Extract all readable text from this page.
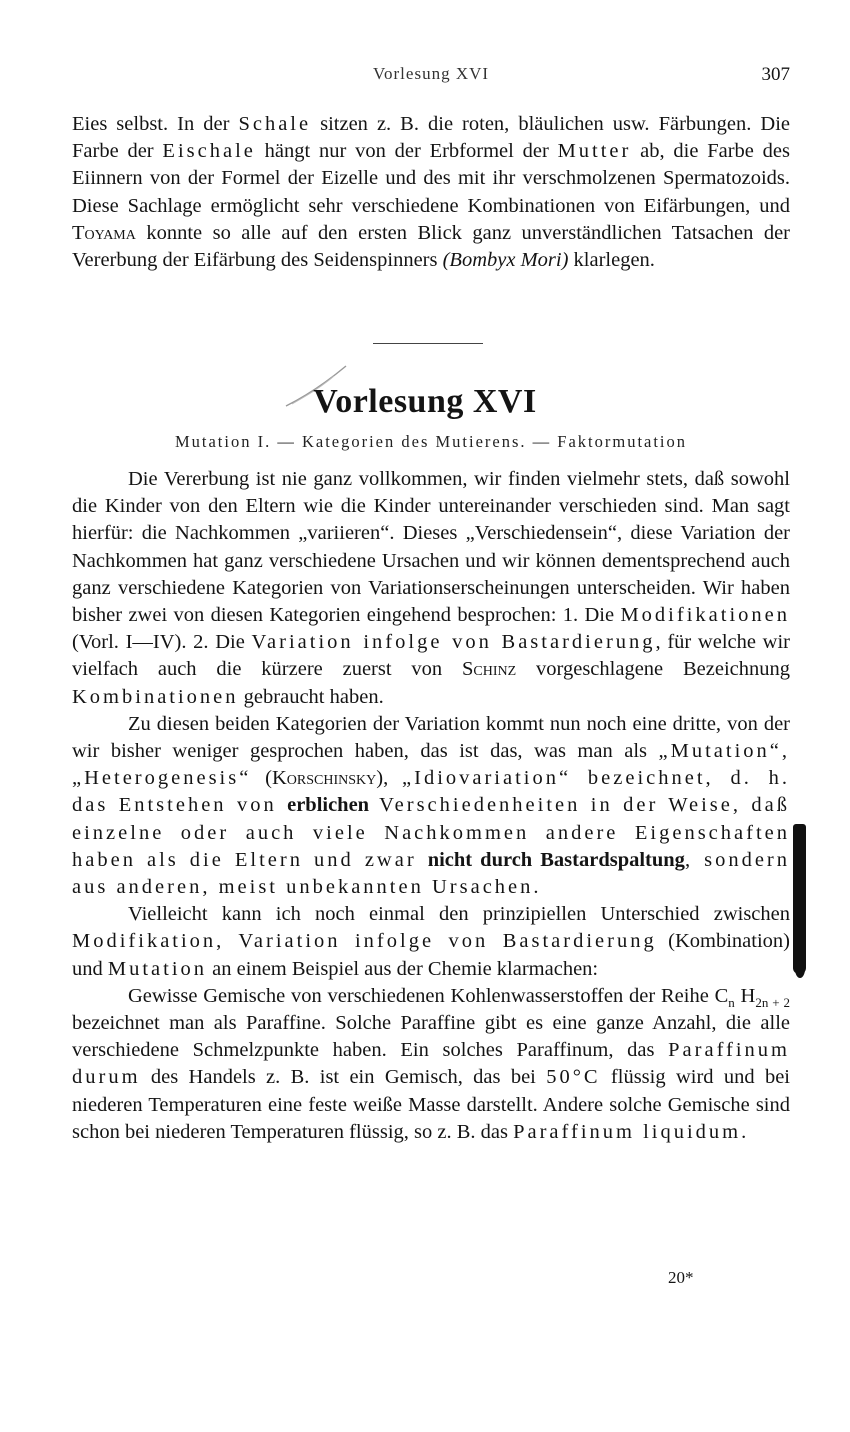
Vorlesung XVI	307

Eies selbst. In der Schale sitzen z. B. die roten, bläulichen usw. Färbungen. Die Farbe der Eischale hängt nur von der Erbformel der Mutter ab, die Farbe des Eiinnern von der Formel der Eizelle und des mit ihr verschmolzenen Spermatozoids. Diese Sachlage ermöglicht sehr verschiedene Kombinationen von Eifärbungen, und Toyama konnte so alle auf den ersten Blick ganz unverständlichen Tatsachen der Vererbung der Eifärbung des Seidenspinners (Bombyx Mori) klarlegen.

Vorlesung XVI
Mutation I. — Kategorien des Mutierens. — Faktormutation

Die Vererbung ist nie ganz vollkommen, wir finden vielmehr stets, daß sowohl die Kinder von den Eltern wie die Kinder untereinander verschieden sind. Man sagt hierfür: die Nachkommen „variieren“. Dieses „Verschiedensein“, diese Variation der Nachkommen hat ganz verschiedene Ursachen und wir können dementsprechend auch ganz verschiedene Kategorien von Variationserscheinungen unterscheiden. Wir haben bisher zwei von diesen Kategorien eingehend besprochen: 1. Die Modifikationen (Vorl. I—IV). 2. Die Variation infolge von Bastardierung, für welche wir vielfach auch die kürzere zuerst von Schinz vorgeschlagene Bezeichnung Kombinationen gebraucht haben.

Zu diesen beiden Kategorien der Variation kommt nun noch eine dritte, von der wir bisher weniger gesprochen haben, das ist das, was man als „Mutation“, „Heterogenesis“ (Korschinsky), „Idiovariation“ bezeichnet, d. h. das Entstehen von erblichen Verschiedenheiten in der Weise, daß einzelne oder auch viele Nachkommen andere Eigenschaften haben als die Eltern und zwar nicht durch Bastardspaltung, sondern aus anderen, meist unbekannten Ursachen.

Vielleicht kann ich noch einmal den prinzipiellen Unterschied zwischen Modifikation, Variation infolge von Bastardierung (Kombination) und Mutation an einem Beispiel aus der Chemie klarmachen:

Gewisse Gemische von verschiedenen Kohlenwasserstoffen der Reihe $C_n$ $H_{2n + 2}$ bezeichnet man als Paraffine. Solche Paraffine gibt es eine ganze Anzahl, die alle verschiedene Schmelzpunkte haben. Ein solches Paraffinum, das Paraffinum durum des Handels z. B. ist ein Gemisch, das bei 50°C flüssig wird und bei niederen Temperaturen eine feste weiße Masse darstellt. Andere solche Gemische sind schon bei niederen Temperaturen flüssig, so z. B. das Paraffinum liquidum.

20*
